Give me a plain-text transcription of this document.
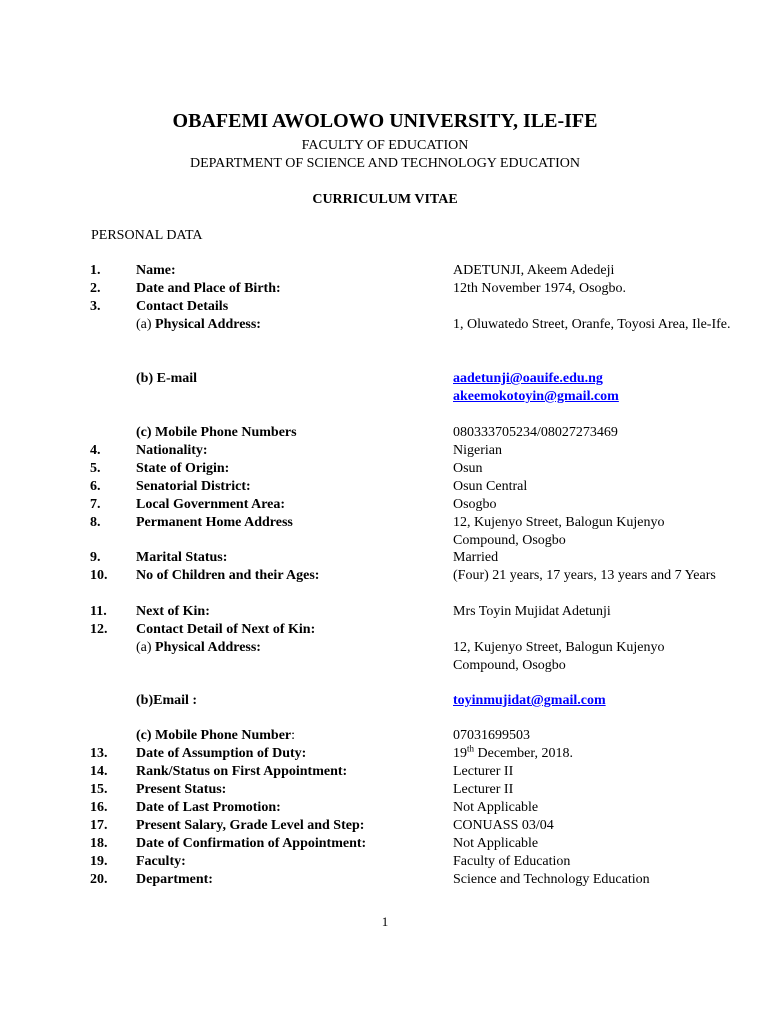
OBAFEMI AWOLOWO UNIVERSITY, ILE-IFE
FACULTY OF EDUCATION
DEPARTMENT OF SCIENCE AND TECHNOLOGY EDUCATION
CURRICULUM VITAE
PERSONAL DATA
1.	Name:	ADETUNJI, Akeem Adedeji
2.	Date and Place of Birth:	12th November 1974, Osogbo.
3.	Contact Details
(a) Physical Address:	1, Oluwatedo Street, Oranfe, Toyosi Area, Ile-Ife.
(b) E-mail	aadetunji@oauife.edu.ng
akeemokotoyin@gmail.com
(c) Mobile Phone Numbers	080333705234/08027273469
4.	Nationality:	Nigerian
5.	State of Origin:	Osun
6.	Senatorial District:	Osun Central
7.	Local Government Area:	Osogbo
8.	Permanent Home Address	12, Kujenyo Street, Balogun Kujenyo Compound, Osogbo
9.	Marital Status:	Married
10. No of Children and their Ages:	(Four) 21 years, 17 years, 13 years and 7 Years
11. Next of Kin:	Mrs Toyin Mujidat Adetunji
12. Contact Detail of Next of Kin:
(a) Physical Address:	12, Kujenyo Street, Balogun Kujenyo Compound, Osogbo
(b)Email :	toyinmujidat@gmail.com
(c) Mobile Phone Number:	07031699503
13. Date of Assumption of Duty:	19th December, 2018.
14. Rank/Status on First Appointment:	Lecturer II
15. Present Status:	Lecturer II
16. Date of Last Promotion:	Not Applicable
17. Present Salary, Grade Level and Step:	CONUASS 03/04
18. Date of Confirmation of Appointment:	Not Applicable
19. Faculty:	Faculty of Education
20. Department:	Science and Technology Education
1
